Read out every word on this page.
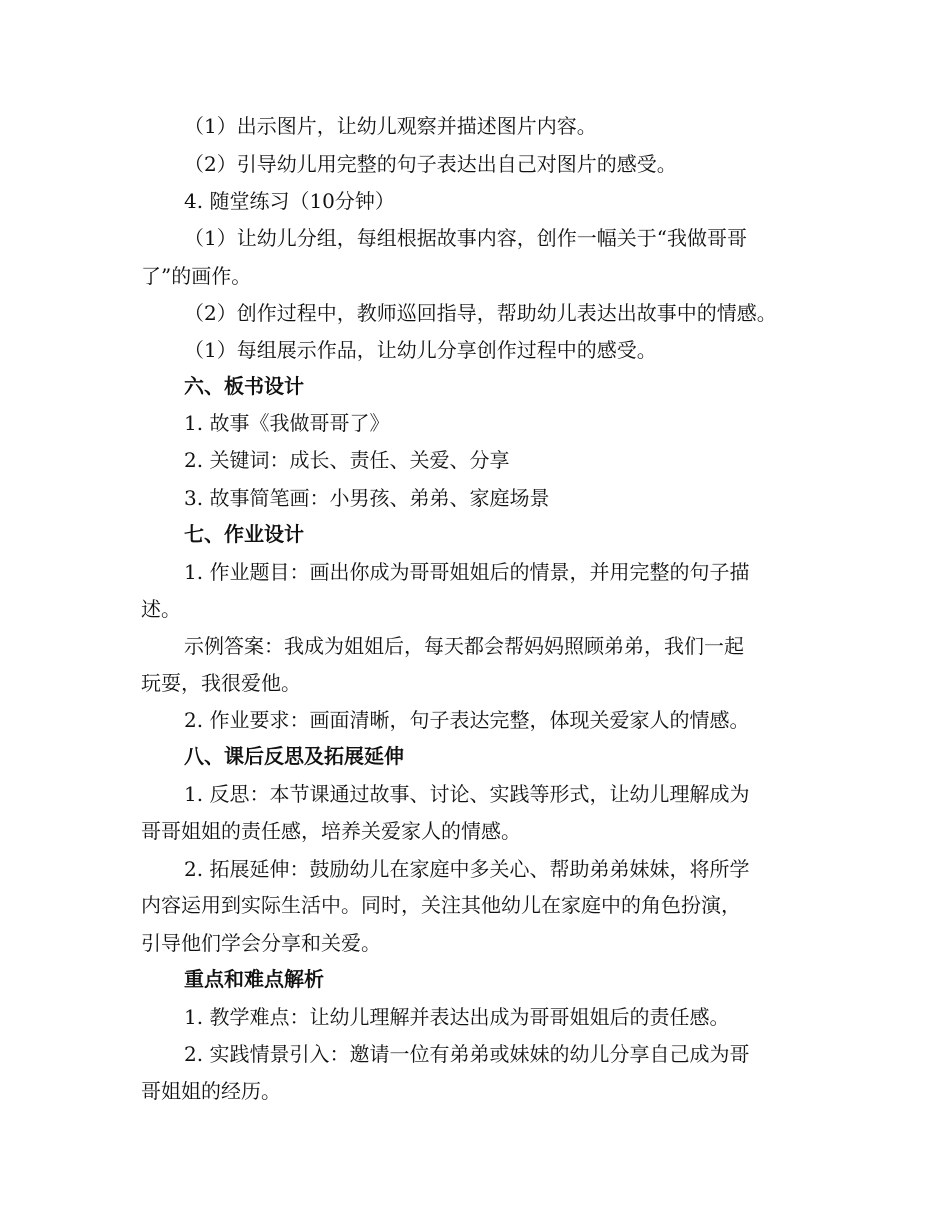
（1）出示图片，让幼儿观察并描述图片内容。
（2）引导幼儿用完整的句子表达出自己对图片的感受。
4. 随堂练习（10分钟）
（1）让幼儿分组，每组根据故事内容，创作一幅关于“我做哥哥
了”的画作。
（2）创作过程中，教师巡回指导，帮助幼儿表达出故事中的情感。
（1）每组展示作品，让幼儿分享创作过程中的感受。
六、板书设计
1. 故事《我做哥哥了》
2. 关键词：成长、责任、关爱、分享
3. 故事简笔画：小男孩、弟弟、家庭场景
七、作业设计
1. 作业题目：画出你成为哥哥姐姐后的情景，并用完整的句子描
述。
示例答案：我成为姐姐后，每天都会帮妈妈照顾弟弟，我们一起
玩耍，我很爱他。
2. 作业要求：画面清晰，句子表达完整，体现关爱家人的情感。
八、课后反思及拓展延伸
1. 反思：本节课通过故事、讨论、实践等形式，让幼儿理解成为
哥哥姐姐的责任感，培养关爱家人的情感。
2. 拓展延伸：鼓励幼儿在家庭中多关心、帮助弟弟妹妹，将所学
内容运用到实际生活中。同时，关注其他幼儿在家庭中的角色扮演，
引导他们学会分享和关爱。
重点和难点解析
1. 教学难点：让幼儿理解并表达出成为哥哥姐姐后的责任感。
2. 实践情景引入：邀请一位有弟弟或妹妹的幼儿分享自己成为哥
哥姐姐的经历。
